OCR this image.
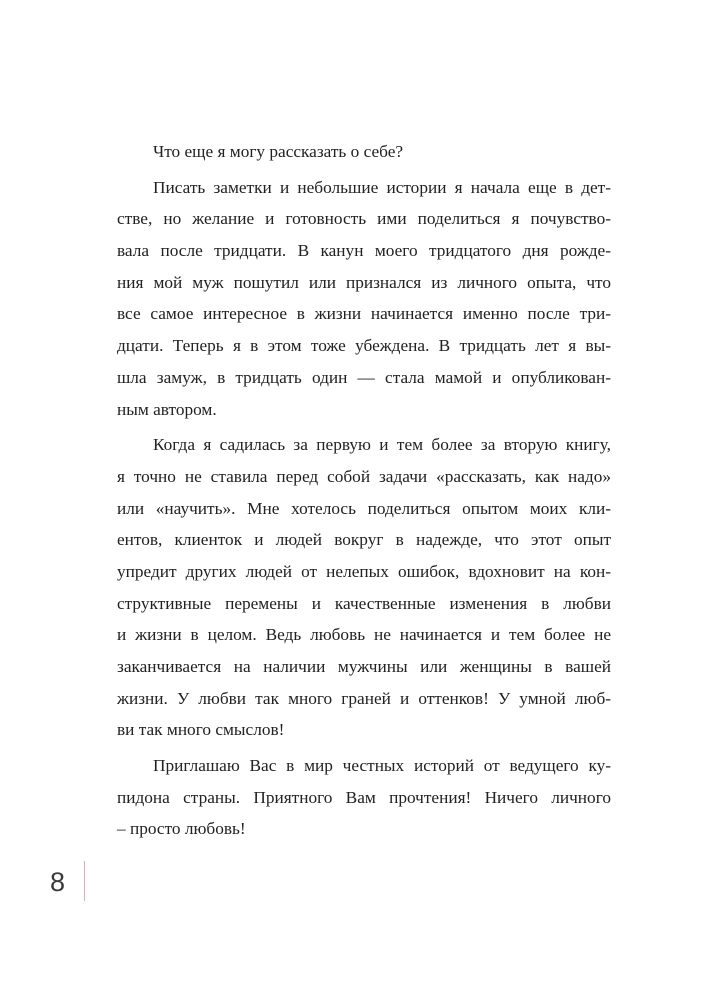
Что еще я могу рассказать о себе?
Писать заметки и небольшие истории я начала еще в дет-
стве, но желание и готовность ими поделиться я почувство-
вала после тридцати. В канун моего тридцатого дня рожде-
ния мой муж пошутил или признался из личного опыта, что
все самое интересное в жизни начинается именно после три-
дцати. Теперь я в этом тоже убеждена. В тридцать лет я вы-
шла замуж, в тридцать один — стала мамой и опубликован-
ным автором.
Когда я садилась за первую и тем более за вторую книгу,
я точно не ставила перед собой задачи «рассказать, как надо»
или «научить». Мне хотелось поделиться опытом моих кли-
ентов, клиенток и людей вокруг в надежде, что этот опыт
упредит других людей от нелепых ошибок, вдохновит на кон-
структивные перемены и качественные изменения в любви
и жизни в целом. Ведь любовь не начинается и тем более не
заканчивается на наличии мужчины или женщины в вашей
жизни. У любви так много граней и оттенков! У умной люб-
ви так много смыслов!
Приглашаю Вас в мир честных историй от ведущего ку-
пидона страны. Приятного Вам прочтения! Ничего личного
– просто любовь!
8
